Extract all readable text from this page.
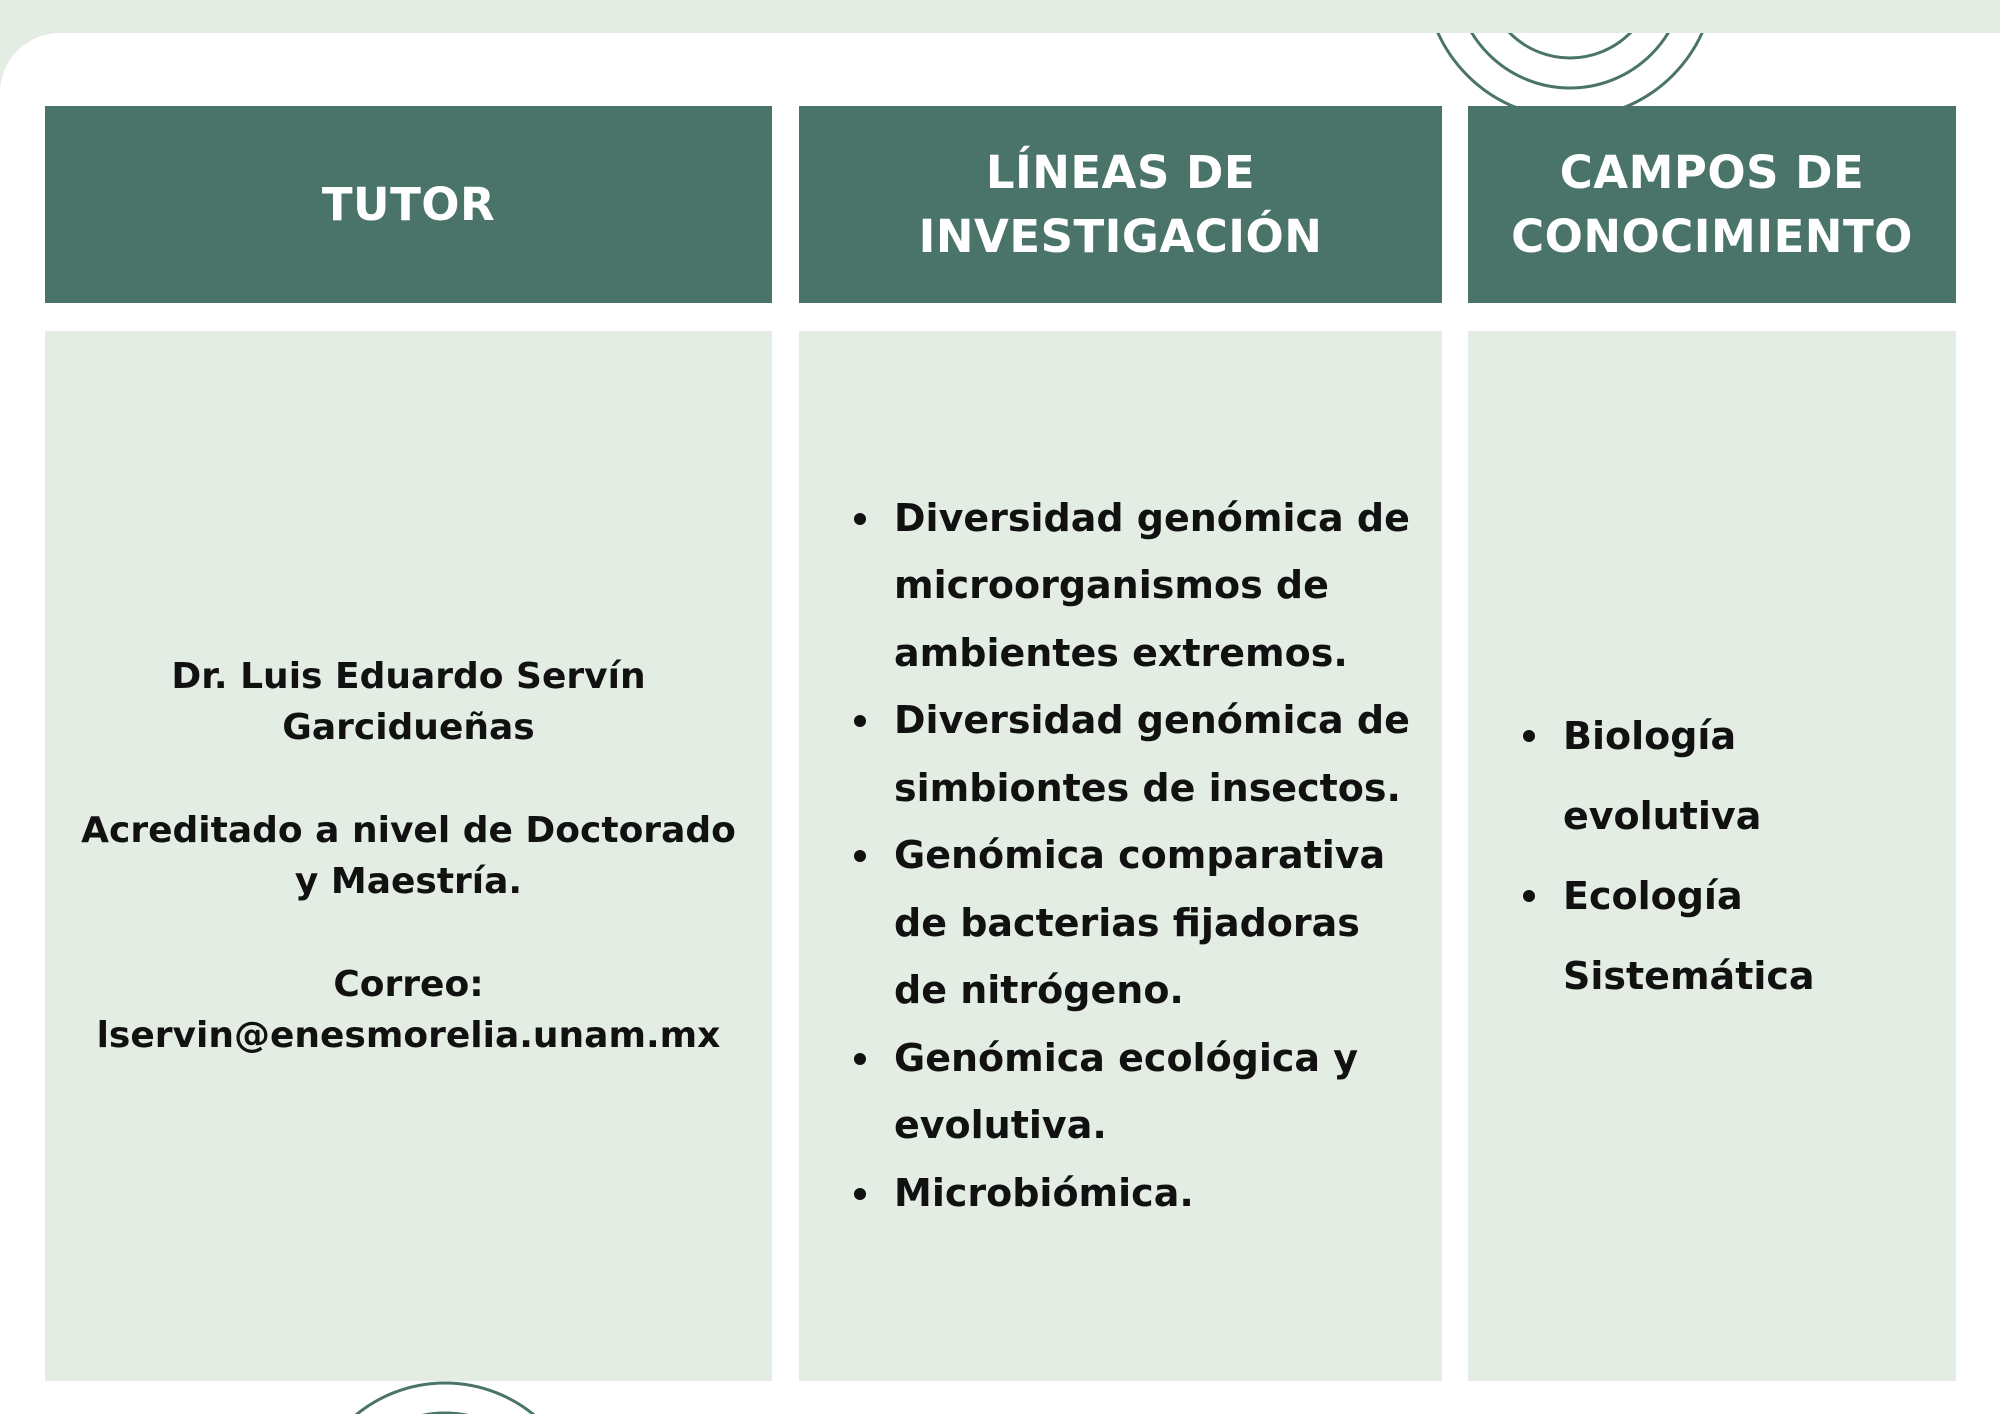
TUTOR
LÍNEAS DE INVESTIGACIÓN
CAMPOS DE
CONOCIMIENTO

Dr. Luis Eduardo Servín Garcidueñas

Acreditado a nivel de Doctorado y Maestría.

Correo:
lservin@enesmorelia.unam.mx

Diversidad genómica de microorganismos de ambientes extremos.
Diversidad genómica de simbiontes de insectos.
Genómica comparativa de bacterias fijadoras de nitrógeno.
Genómica ecológica y evolutiva.
Microbiómica.
Biología evolutiva
Ecología Sistemática
